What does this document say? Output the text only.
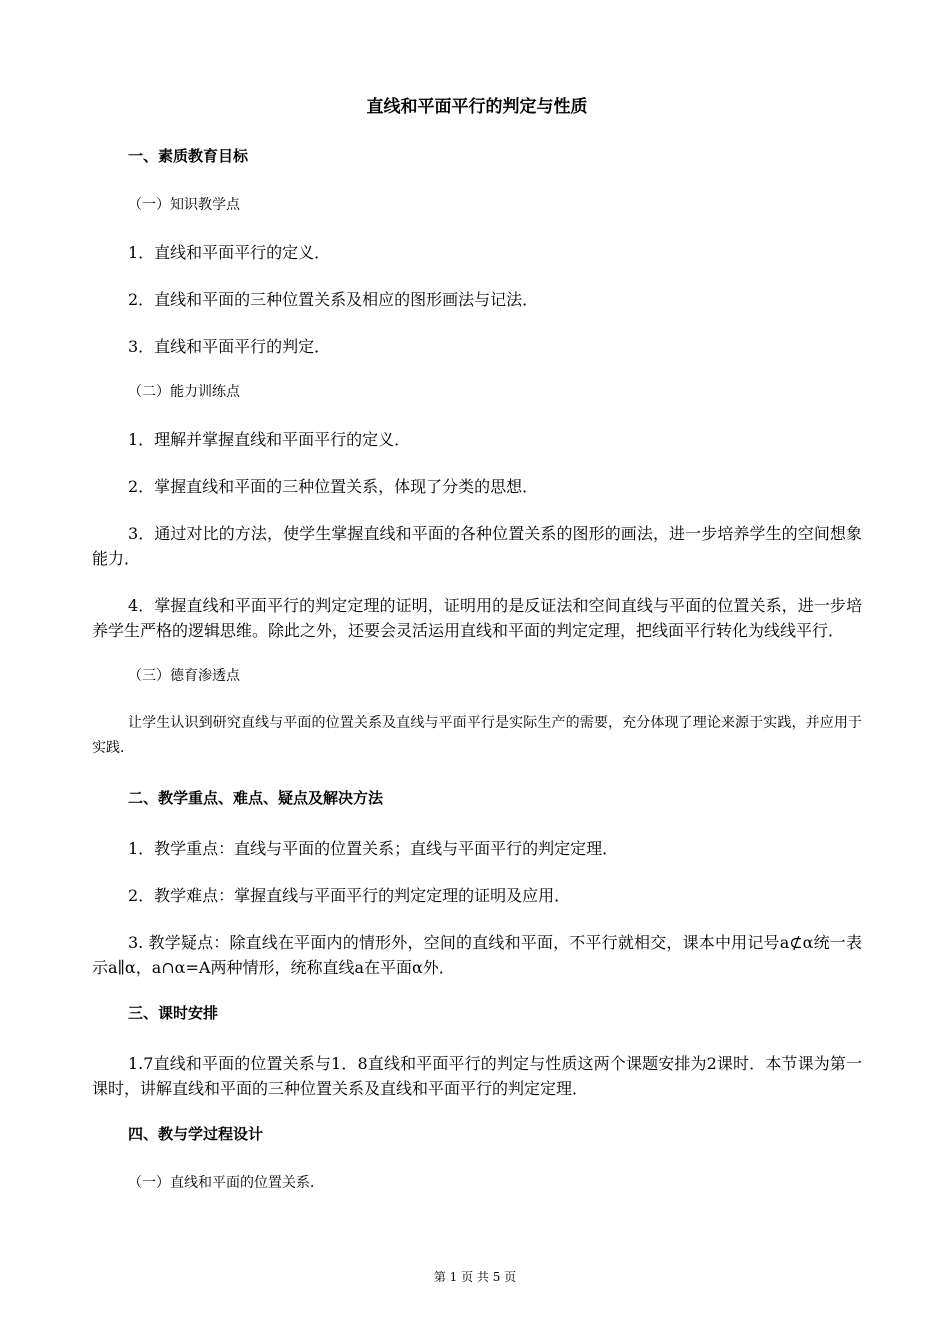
直线和平面平行的判定与性质
一、素质教育目标
（一）知识教学点
1．直线和平面平行的定义．
2．直线和平面的三种位置关系及相应的图形画法与记法．
3．直线和平面平行的判定．
（二）能力训练点
1．理解并掌握直线和平面平行的定义．
2．掌握直线和平面的三种位置关系，体现了分类的思想．
3．通过对比的方法，使学生掌握直线和平面的各种位置关系的图形的画法，进一步培养学生的空间想象能力．
4．掌握直线和平面平行的判定定理的证明，证明用的是反证法和空间直线与平面的位置关系，进一步培养学生严格的逻辑思维。除此之外，还要会灵活运用直线和平面的判定定理，把线面平行转化为线线平行．
（三）德育渗透点
让学生认识到研究直线与平面的位置关系及直线与平面平行是实际生产的需要，充分体现了理论来源于实践，并应用于实践．
二、教学重点、难点、疑点及解决方法
1．教学重点：直线与平面的位置关系；直线与平面平行的判定定理．
2．教学难点：掌握直线与平面平行的判定定理的证明及应用．
3. 教学疑点：除直线在平面内的情形外，空间的直线和平面，不平行就相交，课本中用记号a⊄α统一表示a∥α，a∩α=A两种情形，统称直线a在平面α外．
三、课时安排
1.7直线和平面的位置关系与1．8直线和平面平行的判定与性质这两个课题安排为2课时．本节课为第一课时，讲解直线和平面的三种位置关系及直线和平面平行的判定定理．
四、教与学过程设计
（一）直线和平面的位置关系．
第 1 页 共 5 页
